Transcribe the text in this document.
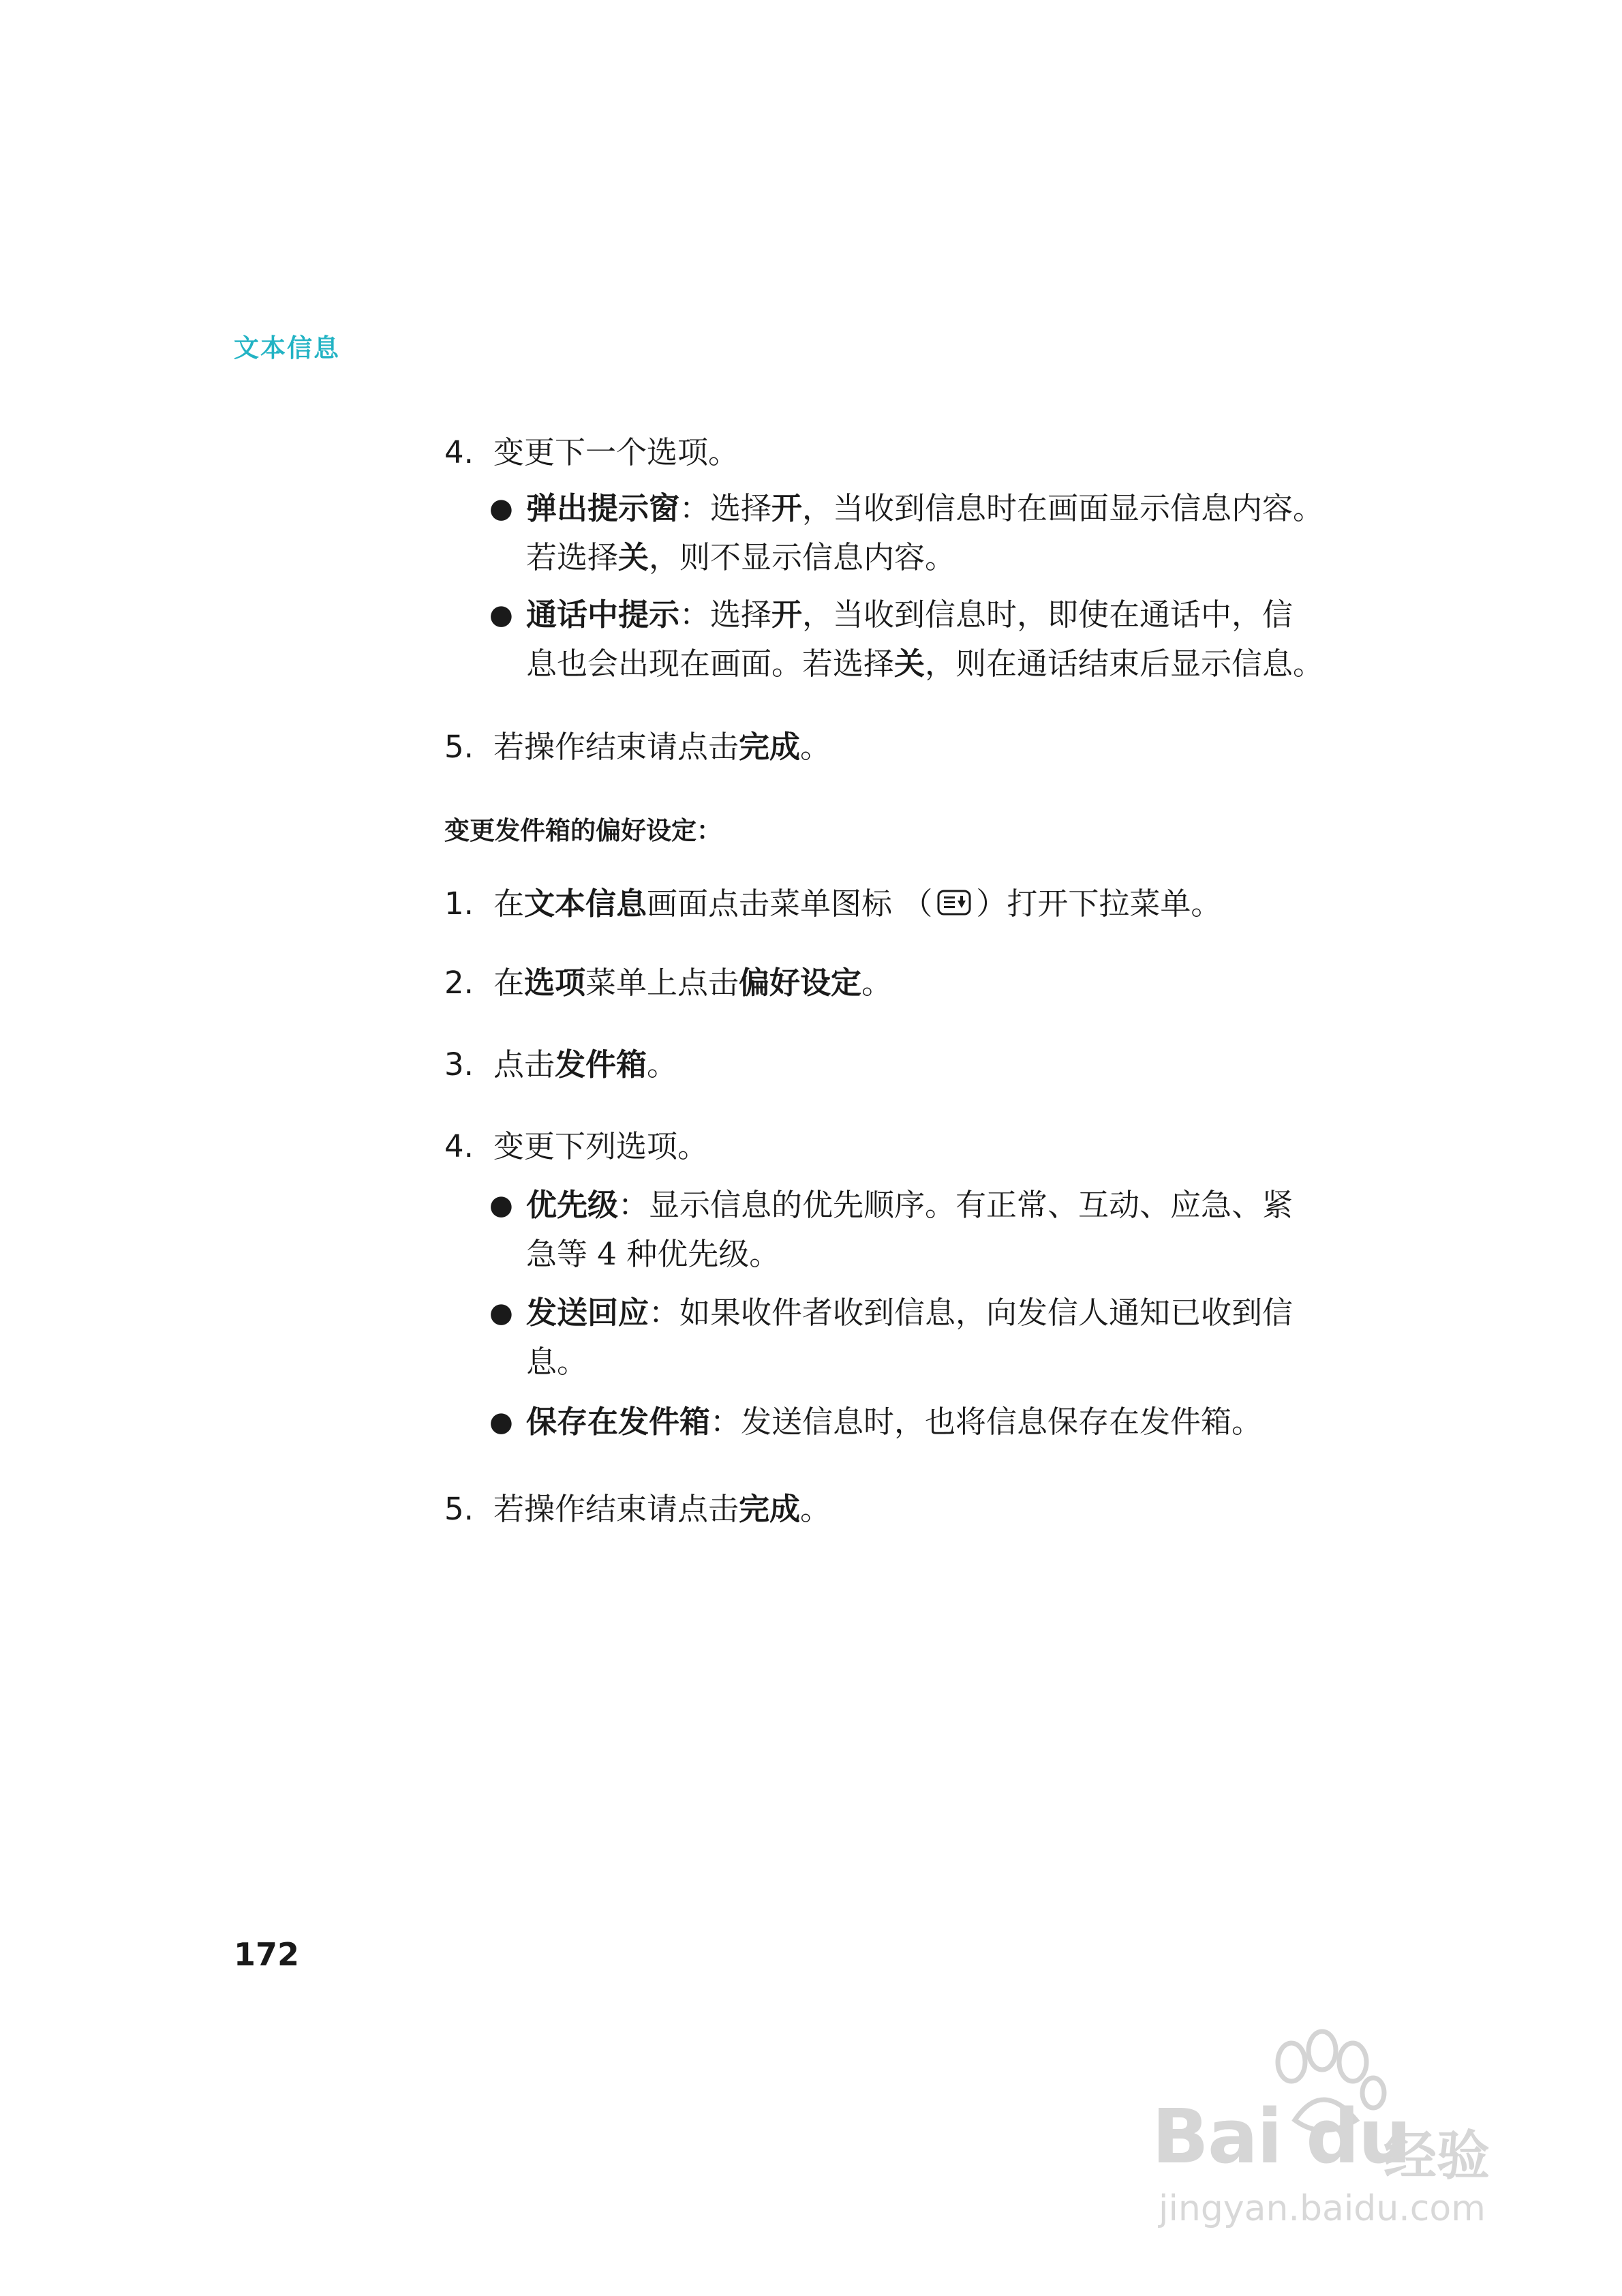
文本信息
4. 变更下一个选项。
● 弹出提示窗：选择开，当收到信息时在画面显示信息内容。
若选择关，则不显示信息内容。
● 通话中提示：选择开，当收到信息时，即使在通话中，信
息也会出现在画面。若选择关，则在通话结束后显示信息。
5. 若操作结束请点击完成。
变更发件箱的偏好设定：
1. 在文本信息画面点击菜单图标 （ ）打开下拉菜单。
2. 在选项菜单上点击偏好设定。
3. 点击发件箱。
4. 变更下列选项。
● 优先级：显示信息的优先顺序。有正常、互动、应急、紧
急等 4 种优先级。
● 发送回应：如果收件者收到信息，向发信人通知已收到信
息。
● 保存在发件箱：发送信息时，也将信息保存在发件箱。
5. 若操作结束请点击完成。
172
Bai du
经验
jingyan.baidu.com
